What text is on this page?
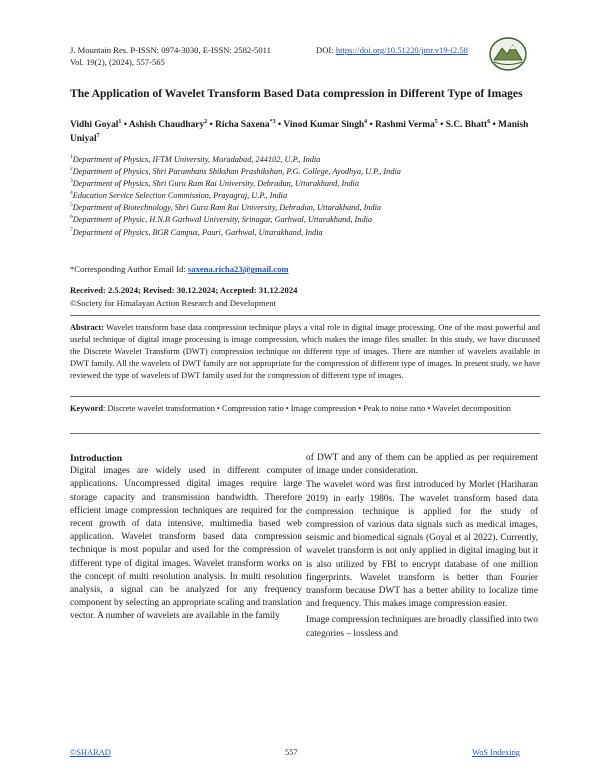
J. Mountain Res. P-ISSN: 0974-3030, E-ISSN: 2582-5011
Vol. 19(2), (2024), 557-565
DOI: https://doi.org/10.51220/jmr.v19-i2.58
The Application of Wavelet Transform Based Data compression in Different Type of Images
Vidhi Goyal$^1$ • Ashish Chaudhary$^2$ • Richa Saxena$^{*3}$ • Vinod Kumar Singh$^4$ • Rashmi Verma$^5$ • S.C. Bhatt$^6$ • Manish Uniyal$^7$
$^1$Department of Physics, IFTM University, Moradabad, 244102, U.P., India
$^2$Department of Physics, Shri Paramhans Shikshan Prashikshan, P.G. College, Ayodhya, U.P., India
$^3$Department of Physics, Shri Guru Ram Rai University, Dehradun, Uttarakhand, India
$^4$Education Service Selection Commission, Prayagraj, U.P., India
$^5$Department of Biotechnology, Shri Guru Ram Rai University, Dehradun, Uttarakhand, India
$^6$Department of Physic, H.N.B Garhwal University, Srinagar, Garhwal, Uttarakhand, India
$^7$Department of Physics, BGR Campus, Pauri, Garhwal, Uttarakhand, India
*Corresponding Author Email Id: saxena.richa23@gmail.com
Received: 2.5.2024; Revised: 30.12.2024; Accepted: 31.12.2024
©Society for Himalayan Action Research and Development
Abstract: Wavelet transform base data compression technique plays a vital role in digital image processing. One of the most powerful and useful technique of digital image processing is image compression, which makes the image files smaller. In this study, we have discussed the Discrete Wavelet Transform (DWT) compression technique on different type of images. There are number of wavelets available in DWT family. All the wavelets of DWT family are not appropriate for the compression of different type of images. In present study, we have reviewed the type of wavelets of DWT family used for the compression of different type of images.
Keyword: Discrete wavelet transformation • Compression ratio • Image compression • Peak to noise ratio • Wavelet decomposition

Introduction

Digital images are widely used in different computer applications. Uncompressed digital images require large storage capacity and transmission bandwidth. Therefore efficient image compression techniques are required for the recent growth of data intensive, multimedia based web application. Wavelet transform based data compression technique is most popular and used for the compression of different type of digital images. Wavelet transform works on the concept of multi resolution analysis. In multi resolution analysis, a signal can be analyzed for any frequency component by selecting an appropriate scaling and translation vector. A number of wavelets are available in the family

of DWT and any of them can be applied as per requirement of image under consideration.

The wavelet word was first introduced by Morlet (Hariharan 2019) in early 1980s. The wavelet transform based data compression technique is applied for the study of compression of various data signals such as medical images, seismic and biomedical signals (Goyal et al 2022). Currently, wavelet transform is not only applied in digital imaging but it is also utilized by FBI to encrypt database of one million fingerprints. Wavelet transform is better than Fourier transform because DWT has a better ability to localize time and frequency. This makes image compression easier.

Image compression techniques are broadly classified into two categories – lossless and

©SHARAD	557	WoS Indexing
